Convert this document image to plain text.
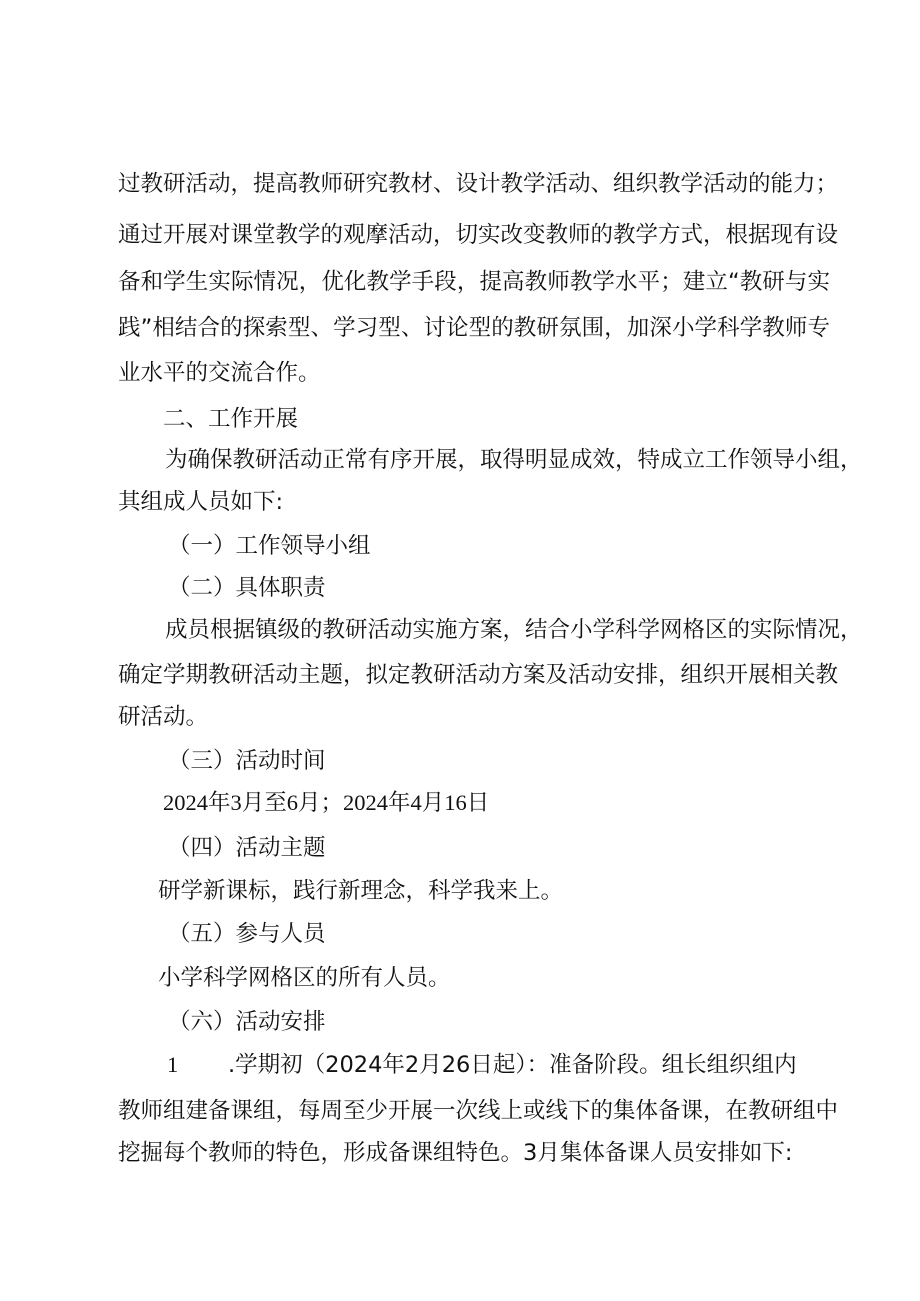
过教研活动，提高教师研究教材、设计教学活动、组织教学活动的能力；
通过开展对课堂教学的观摩活动，切实改变教师的教学方式，根据现有设
备和学生实际情况，优化教学手段，提高教师教学水平；建立“教研与实
践”相结合的探索型、学习型、讨论型的教研氛围，加深小学科学教师专
业水平的交流合作。
二、工作开展
为确保教研活动正常有序开展，取得明显成效，特成立工作领导小组，
其组成人员如下:
（一）工作领导小组
（二）具体职责
成员根据镇级的教研活动实施方案，结合小学科学网格区的实际情况，
确定学期教研活动主题，拟定教研活动方案及活动安排，组织开展相关教
研活动。
（三）活动时间
2024年3月至6月；2024年4月16日
（四）活动主题
研学新课标，践行新理念，科学我来上。
（五）参与人员
小学科学网格区的所有人员。
（六）活动安排
1 .学期初（2024年2月26日起）：准备阶段。组长组织组内
教师组建备课组，每周至少开展一次线上或线下的集体备课，在教研组中
挖掘每个教师的特色，形成备课组特色。3月集体备课人员安排如下:
